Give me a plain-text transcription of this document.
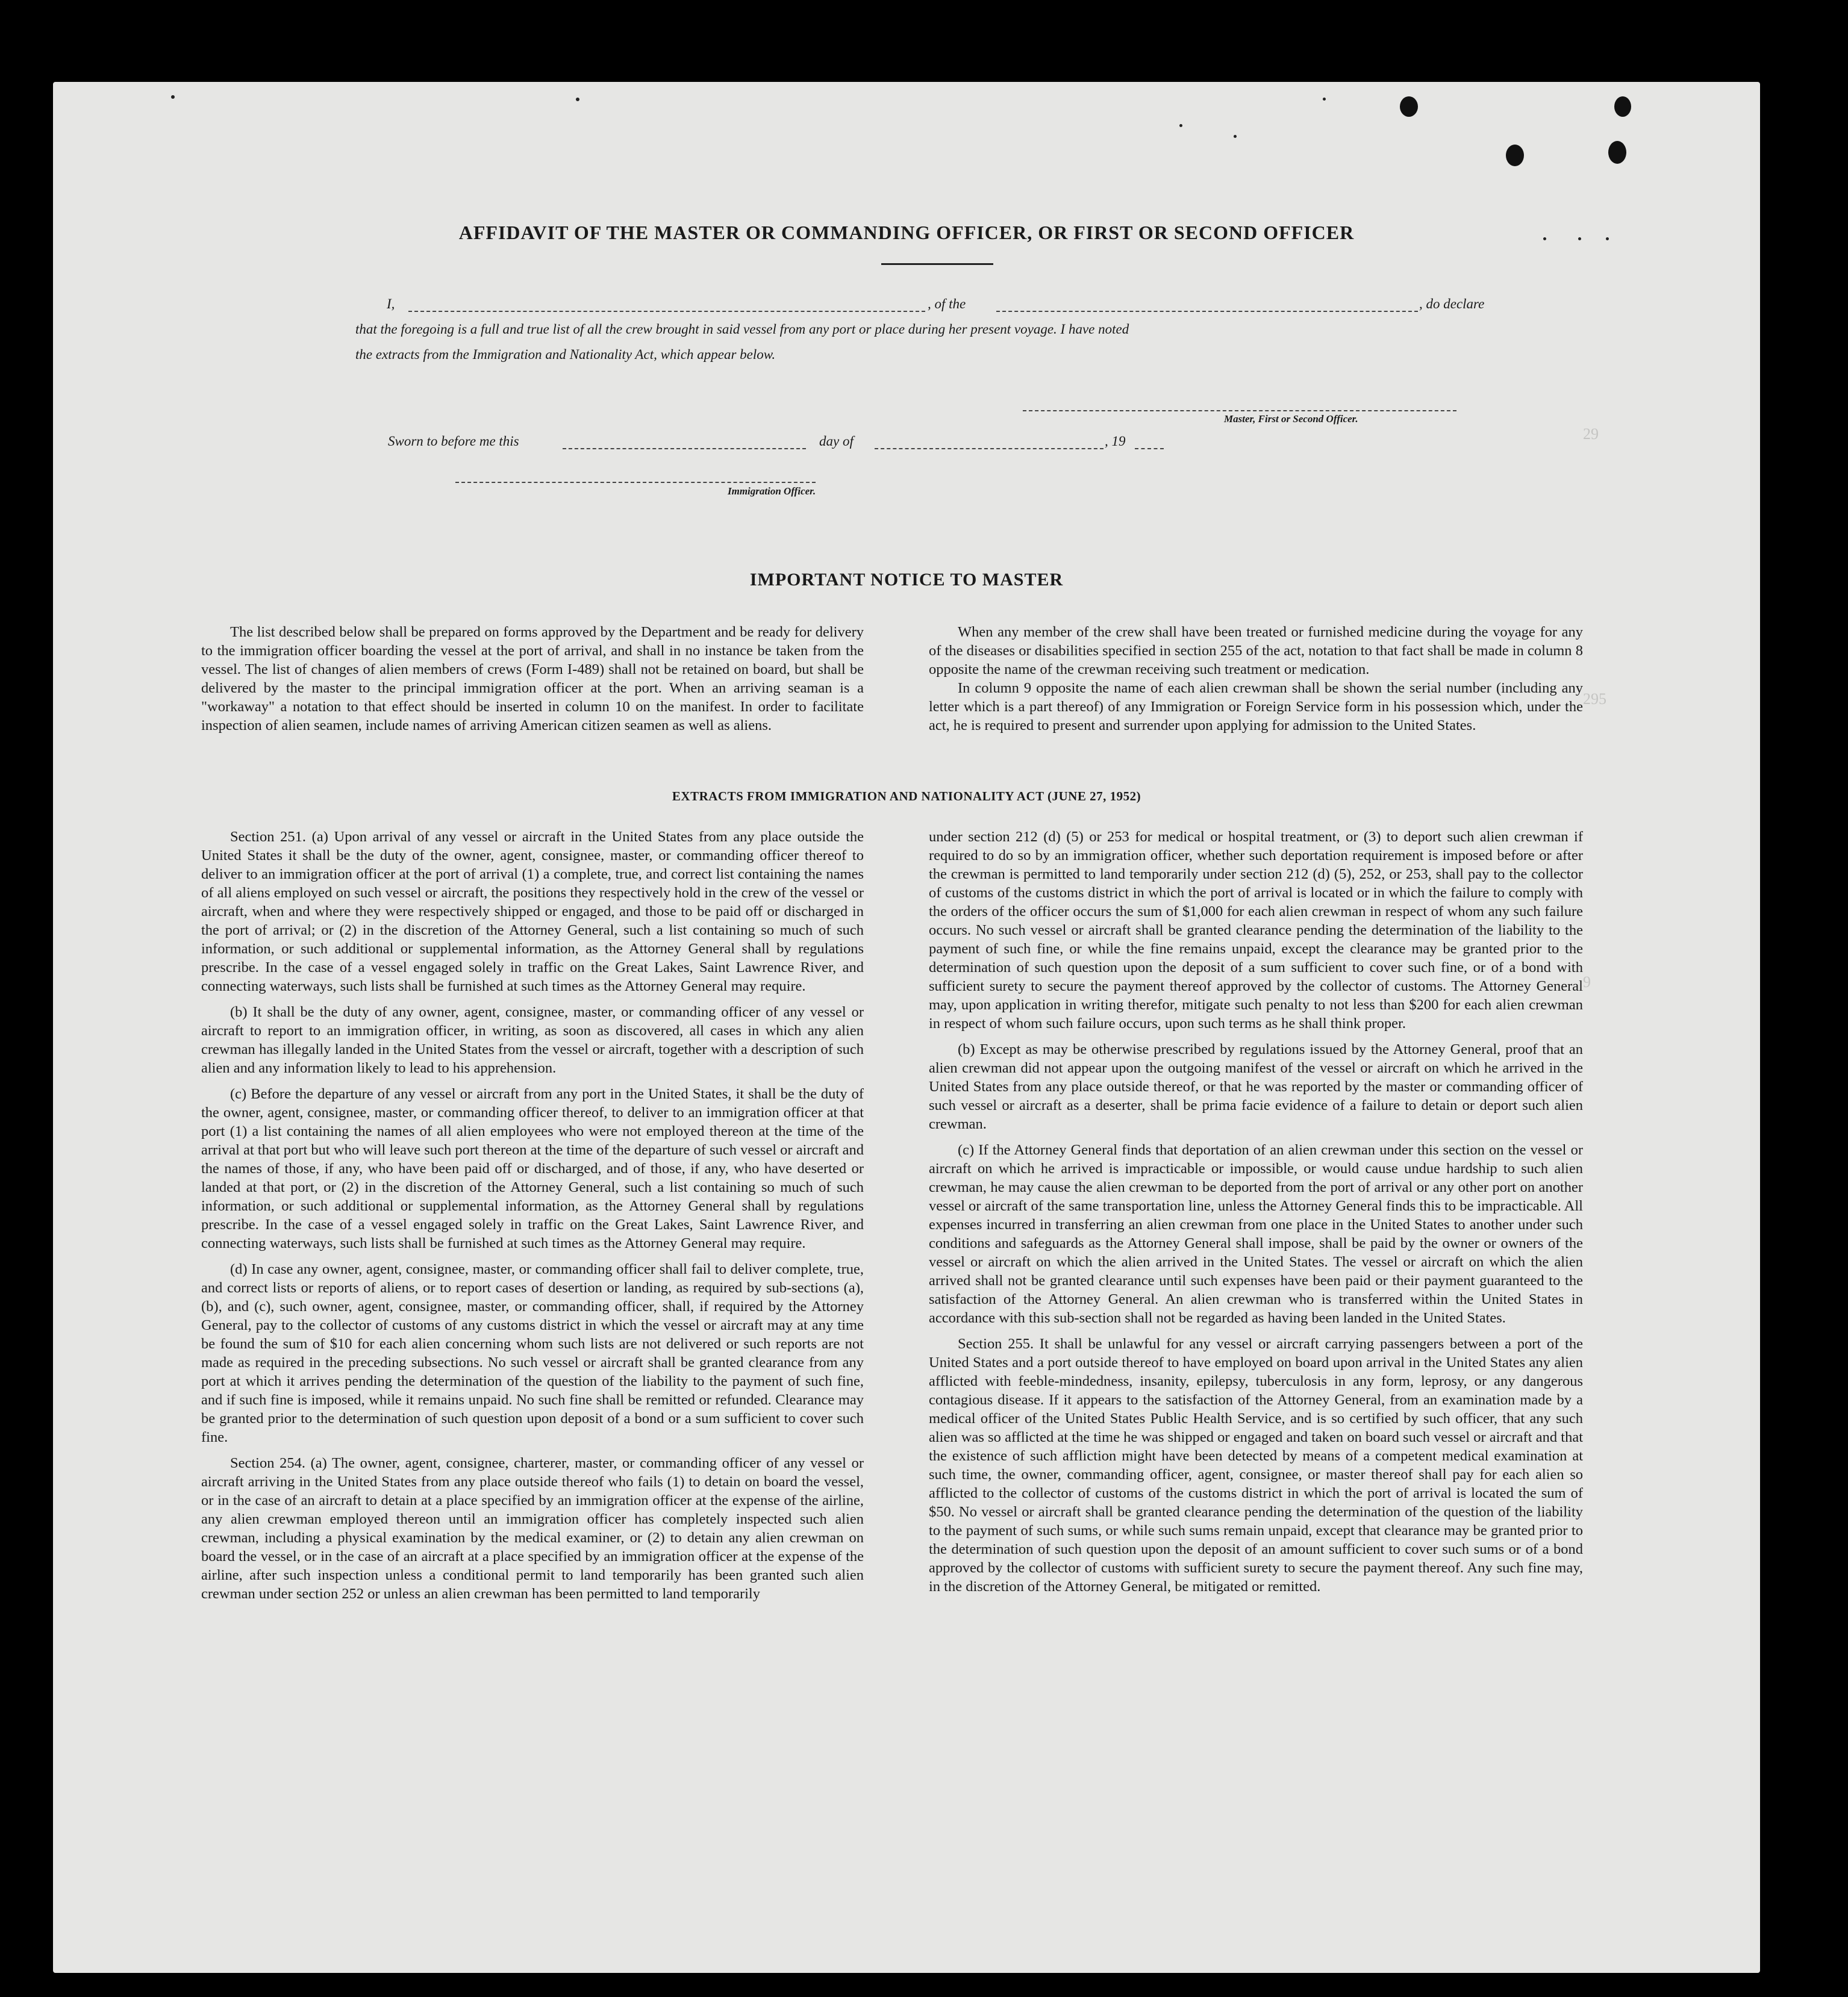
29
295
9
AFFIDAVIT OF THE MASTER OR COMMANDING OFFICER, OR FIRST OR SECOND OFFICER
I,	, of the	, do declare
that the foregoing is a full and true list of all the crew brought in said vessel from any port or place during her present voyage. I have noted
the extracts from the Immigration and Nationality Act, which appear below.
Master, First or Second Officer.
Sworn to before me this	day of	, 19
Immigration Officer.
IMPORTANT NOTICE TO MASTER

The list described below shall be prepared on forms approved by the Department and be ready for delivery to the immigration officer boarding the vessel at the port of arrival, and shall in no instance be taken from the vessel. The list of changes of alien members of crews (Form I-489) shall not be retained on board, but shall be delivered by the master to the principal immigration officer at the port. When an arriving seaman is a "workaway" a notation to that effect should be inserted in column 10 on the manifest. In order to facilitate inspection of alien seamen, include names of arriving American citizen seamen as well as aliens.

When any member of the crew shall have been treated or furnished medicine during the voyage for any of the diseases or disabilities specified in section 255 of the act, notation to that fact shall be made in column 8 opposite the name of the crewman receiving such treatment or medication.

In column 9 opposite the name of each alien crewman shall be shown the serial number (including any letter which is a part thereof) of any Immigration or Foreign Service form in his possession which, under the act, he is required to present and surrender upon applying for admission to the United States.

EXTRACTS FROM IMMIGRATION AND NATIONALITY ACT (JUNE 27, 1952)

Section 251. (a) Upon arrival of any vessel or aircraft in the United States from any place outside the United States it shall be the duty of the owner, agent, consignee, master, or commanding officer thereof to deliver to an immigration officer at the port of arrival (1) a complete, true, and correct list containing the names of all aliens employed on such vessel or aircraft, the positions they respectively hold in the crew of the vessel or aircraft, when and where they were respectively shipped or engaged, and those to be paid off or discharged in the port of arrival; or (2) in the discretion of the Attorney General, such a list containing so much of such information, or such additional or supplemental information, as the Attorney General shall by regulations prescribe. In the case of a vessel engaged solely in traffic on the Great Lakes, Saint Lawrence River, and connecting waterways, such lists shall be furnished at such times as the Attorney General may require.

(b) It shall be the duty of any owner, agent, consignee, master, or commanding officer of any vessel or aircraft to report to an immigration officer, in writing, as soon as discovered, all cases in which any alien crewman has illegally landed in the United States from the vessel or aircraft, together with a description of such alien and any information likely to lead to his apprehension.

(c) Before the departure of any vessel or aircraft from any port in the United States, it shall be the duty of the owner, agent, consignee, master, or commanding officer thereof, to deliver to an immigration officer at that port (1) a list containing the names of all alien employees who were not employed thereon at the time of the arrival at that port but who will leave such port thereon at the time of the departure of such vessel or aircraft and the names of those, if any, who have been paid off or discharged, and of those, if any, who have deserted or landed at that port, or (2) in the discretion of the Attorney General, such a list containing so much of such information, or such additional or supplemental information, as the Attorney General shall by regulations prescribe. In the case of a vessel engaged solely in traffic on the Great Lakes, Saint Lawrence River, and connecting waterways, such lists shall be furnished at such times as the Attorney General may require.

(d) In case any owner, agent, consignee, master, or commanding officer shall fail to deliver complete, true, and correct lists or reports of aliens, or to report cases of desertion or landing, as required by sub-sections (a), (b), and (c), such owner, agent, consignee, master, or commanding officer, shall, if required by the Attorney General, pay to the collector of customs of any customs district in which the vessel or aircraft may at any time be found the sum of $10 for each alien concerning whom such lists are not delivered or such reports are not made as required in the preceding subsections. No such vessel or aircraft shall be granted clearance from any port at which it arrives pending the determination of the question of the liability to the payment of such fine, and if such fine is imposed, while it remains unpaid. No such fine shall be remitted or refunded. Clearance may be granted prior to the determination of such question upon deposit of a bond or a sum sufficient to cover such fine.

Section 254. (a) The owner, agent, consignee, charterer, master, or commanding officer of any vessel or aircraft arriving in the United States from any place outside thereof who fails (1) to detain on board the vessel, or in the case of an aircraft to detain at a place specified by an immigration officer at the expense of the airline, any alien crewman employed thereon until an immigration officer has completely inspected such alien crewman, including a physical examination by the medical examiner, or (2) to detain any alien crewman on board the vessel, or in the case of an aircraft at a place specified by an immigration officer at the expense of the airline, after such inspection unless a conditional permit to land temporarily has been granted such alien crewman under section 252 or unless an alien crewman has been permitted to land temporarily

under section 212 (d) (5) or 253 for medical or hospital treatment, or (3) to deport such alien crewman if required to do so by an immigration officer, whether such deportation requirement is imposed before or after the crewman is permitted to land temporarily under section 212 (d) (5), 252, or 253, shall pay to the collector of customs of the customs district in which the port of arrival is located or in which the failure to comply with the orders of the officer occurs the sum of $1,000 for each alien crewman in respect of whom any such failure occurs. No such vessel or aircraft shall be granted clearance pending the determination of the liability to the payment of such fine, or while the fine remains unpaid, except the clearance may be granted prior to the determination of such question upon the deposit of a sum sufficient to cover such fine, or of a bond with sufficient surety to secure the payment thereof approved by the collector of customs. The Attorney General may, upon application in writing therefor, mitigate such penalty to not less than $200 for each alien crewman in respect of whom such failure occurs, upon such terms as he shall think proper.

(b) Except as may be otherwise prescribed by regulations issued by the Attorney General, proof that an alien crewman did not appear upon the outgoing manifest of the vessel or aircraft on which he arrived in the United States from any place outside thereof, or that he was reported by the master or commanding officer of such vessel or aircraft as a deserter, shall be prima facie evidence of a failure to detain or deport such alien crewman.

(c) If the Attorney General finds that deportation of an alien crewman under this section on the vessel or aircraft on which he arrived is impracticable or impossible, or would cause undue hardship to such alien crewman, he may cause the alien crewman to be deported from the port of arrival or any other port on another vessel or aircraft of the same transportation line, unless the Attorney General finds this to be impracticable. All expenses incurred in transferring an alien crewman from one place in the United States to another under such conditions and safeguards as the Attorney General shall impose, shall be paid by the owner or owners of the vessel or aircraft on which the alien arrived in the United States. The vessel or aircraft on which the alien arrived shall not be granted clearance until such expenses have been paid or their payment guaranteed to the satisfaction of the Attorney General. An alien crewman who is transferred within the United States in accordance with this sub-section shall not be regarded as having been landed in the United States.

Section 255. It shall be unlawful for any vessel or aircraft carrying passengers between a port of the United States and a port outside thereof to have employed on board upon arrival in the United States any alien afflicted with feeble-mindedness, insanity, epilepsy, tuberculosis in any form, leprosy, or any dangerous contagious disease. If it appears to the satisfaction of the Attorney General, from an examination made by a medical officer of the United States Public Health Service, and is so certified by such officer, that any such alien was so afflicted at the time he was shipped or engaged and taken on board such vessel or aircraft and that the existence of such affliction might have been detected by means of a competent medical examination at such time, the owner, commanding officer, agent, consignee, or master thereof shall pay for each alien so afflicted to the collector of customs of the customs district in which the port of arrival is located the sum of $50. No vessel or aircraft shall be granted clearance pending the determination of the question of the liability to the payment of such sums, or while such sums remain unpaid, except that clearance may be granted prior to the determination of such question upon the deposit of an amount sufficient to cover such sums or of a bond approved by the collector of customs with sufficient surety to secure the payment thereof. Any such fine may, in the discretion of the Attorney General, be mitigated or remitted.
